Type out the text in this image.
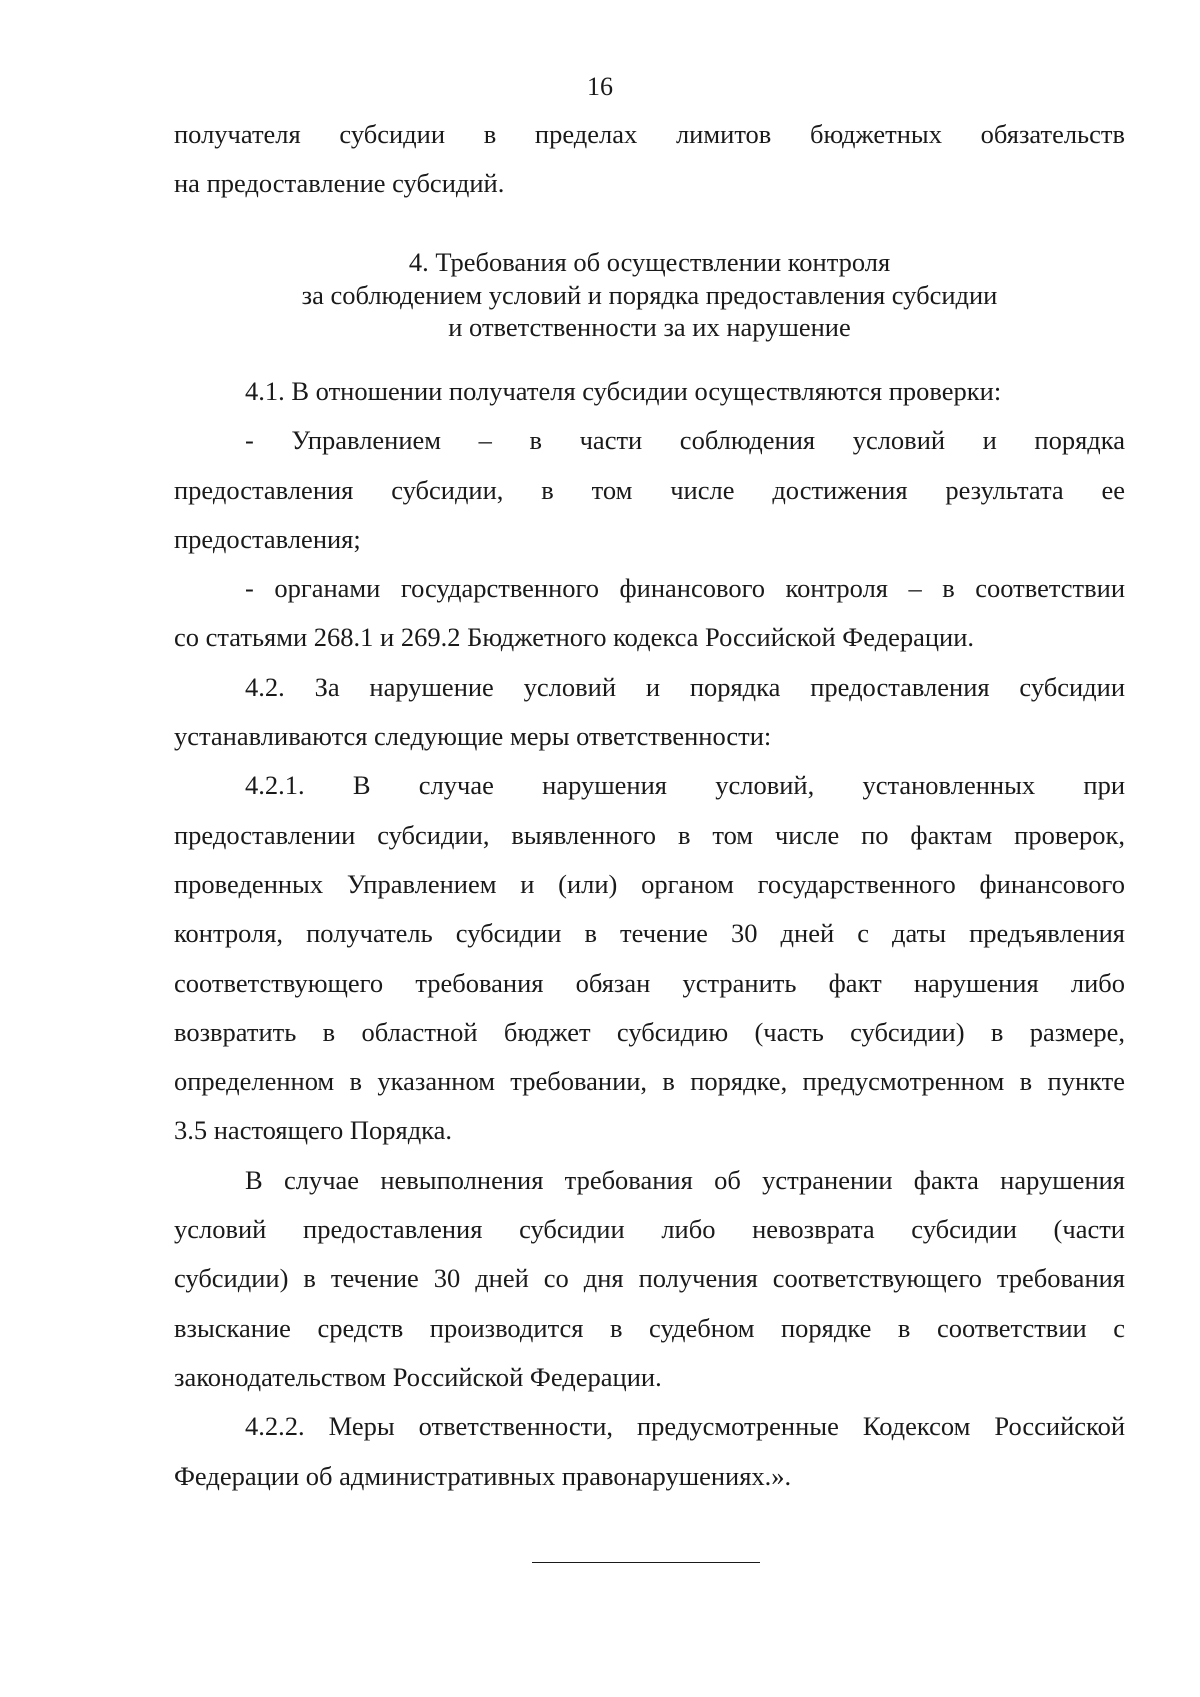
16

получателя субсидии в пределах лимитов бюджетных обязательств

на предоставление субсидий.

4. Требования об осуществлении контроля
за соблюдением условий и порядка предоставления субсидии
и ответственности за их нарушение

4.1. В отношении получателя субсидии осуществляются проверки:

- Управлением – в части соблюдения условий и порядка

предоставления субсидии, в том числе достижения результата ее

предоставления;

- органами государственного финансового контроля – в соответствии

со статьями 268.1 и 269.2 Бюджетного кодекса Российской Федерации.

4.2. За нарушение условий и порядка предоставления субсидии

устанавливаются следующие меры ответственности:

4.2.1. В случае нарушения условий, установленных при

предоставлении субсидии, выявленного в том числе по фактам проверок,

проведенных Управлением и (или) органом государственного финансового

контроля, получатель субсидии в течение 30 дней с даты предъявления

соответствующего требования обязан устранить факт нарушения либо

возвратить в областной бюджет субсидию (часть субсидии) в размере,

определенном в указанном требовании, в порядке, предусмотренном в пункте

3.5 настоящего Порядка.

В случае невыполнения требования об устранении факта нарушения

условий предоставления субсидии либо невозврата субсидии (части

субсидии) в течение 30 дней со дня получения соответствующего требования

взыскание средств производится в судебном порядке в соответствии с

законодательством Российской Федерации.

4.2.2. Меры ответственности, предусмотренные Кодексом Российской

Федерации об административных правонарушениях.».
